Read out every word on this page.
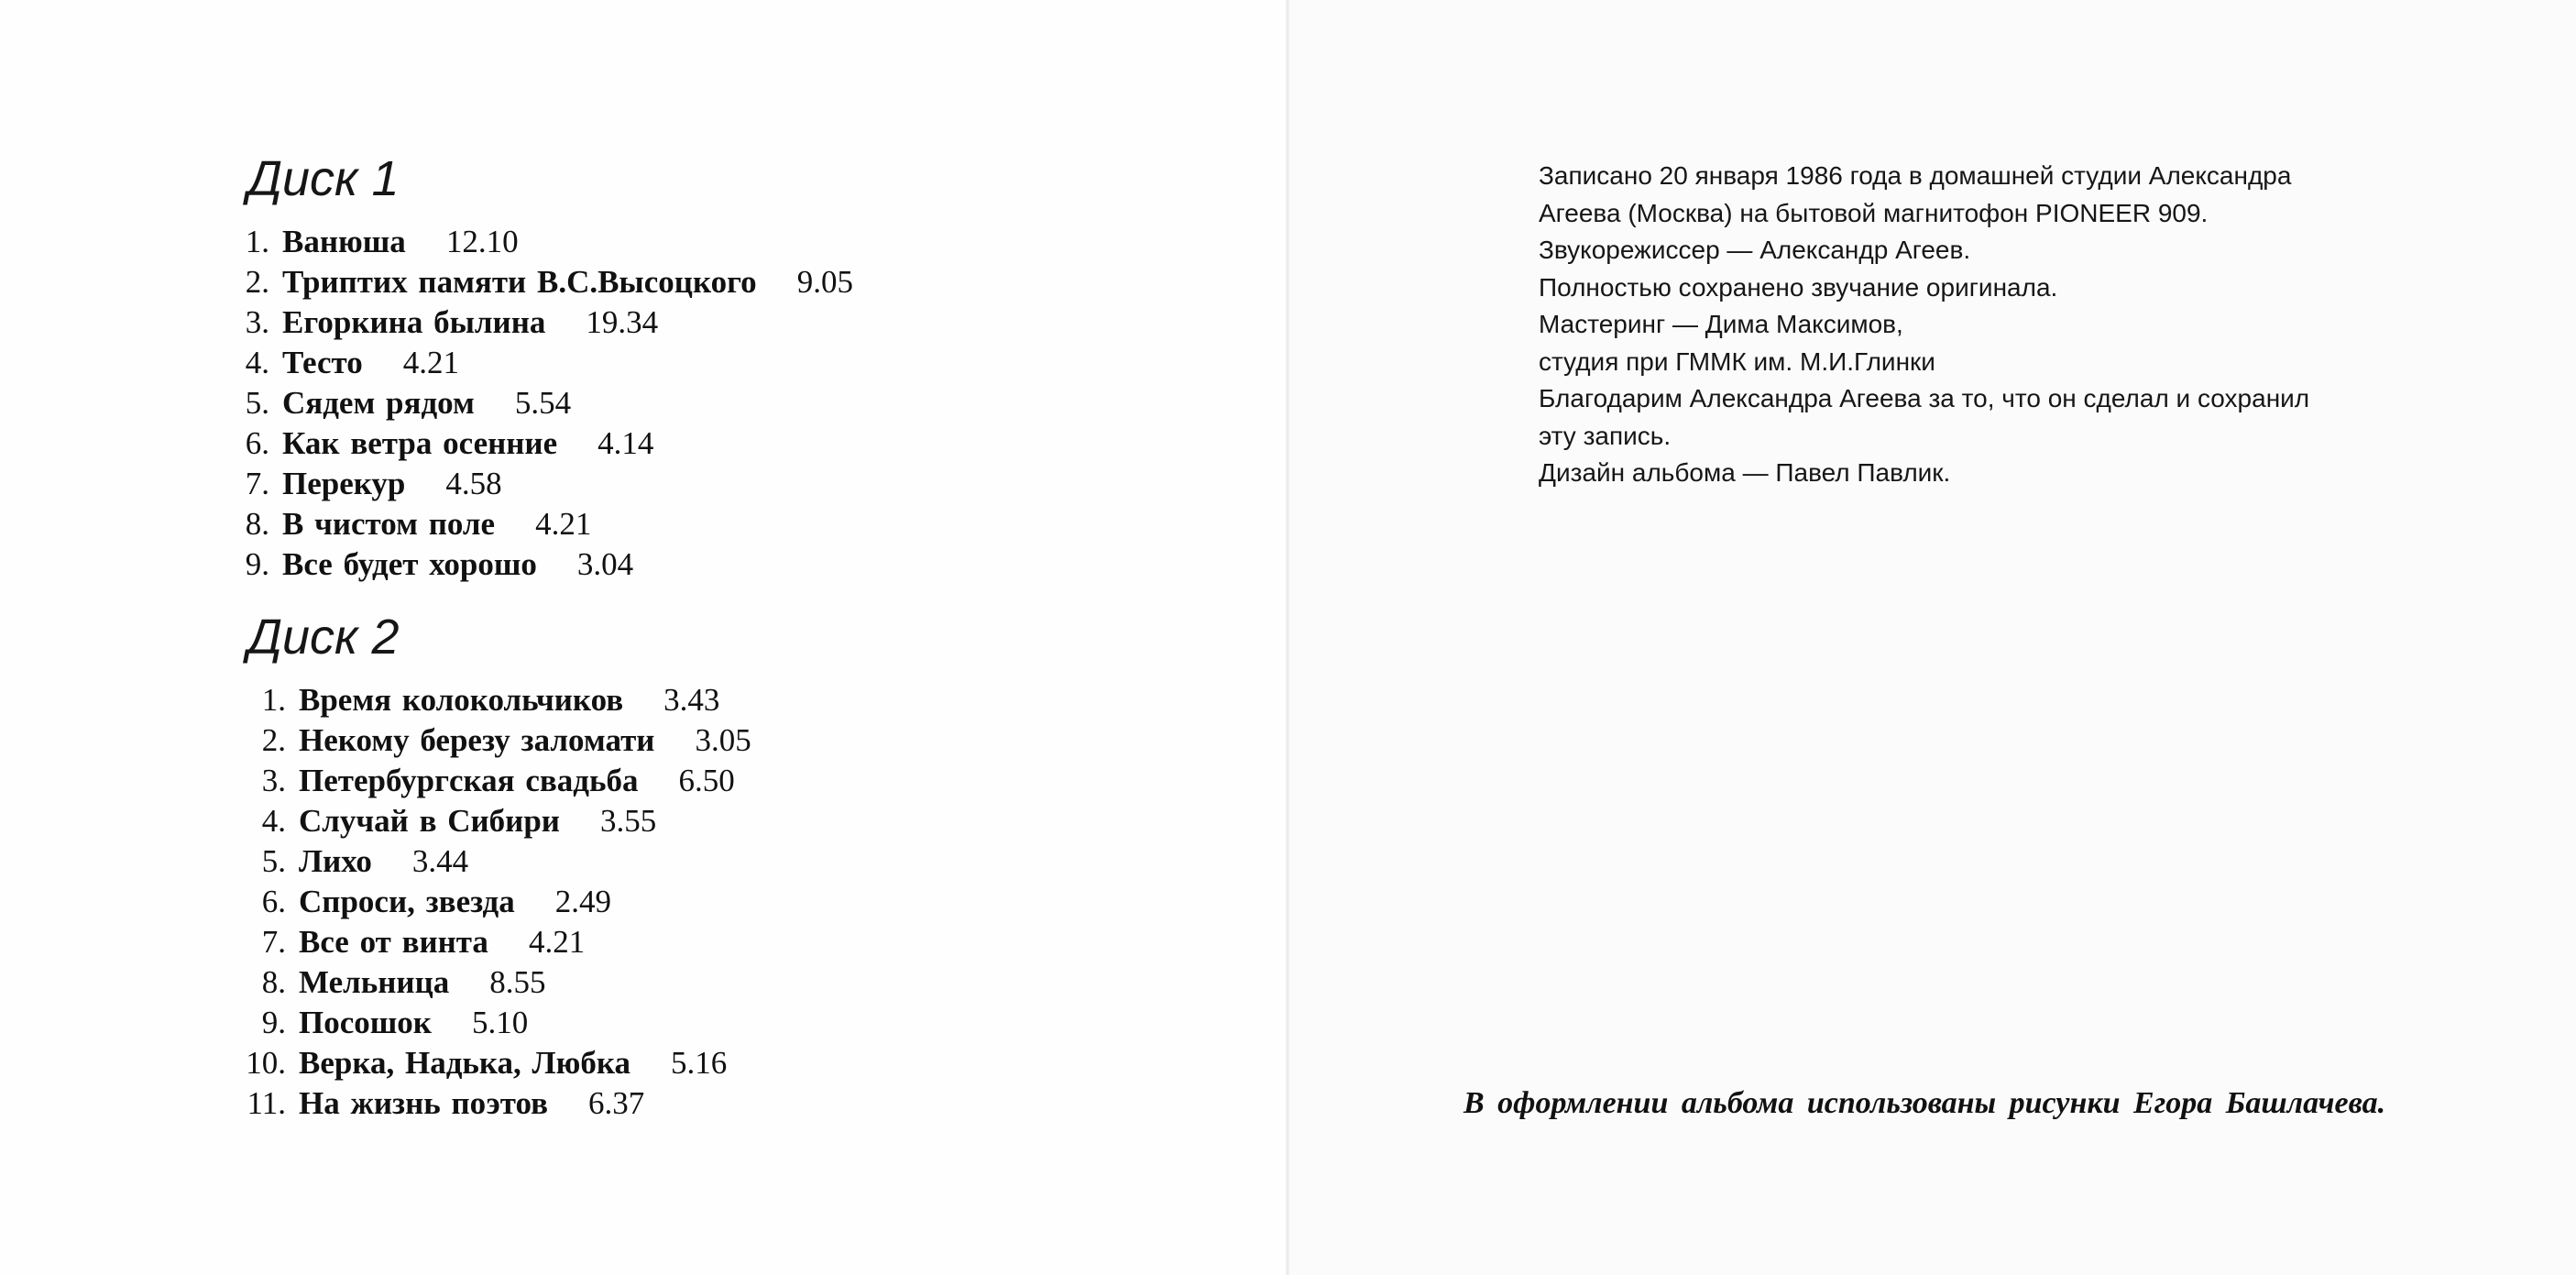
Диск 1
1. Ванюша 12.10
2. Триптих памяти В.С.Высоцкого 9.05
3. Егоркина былина 19.34
4. Тесто 4.21
5. Сядем рядом 5.54
6. Как ветра осенние 4.14
7. Перекур 4.58
8. В чистом поле 4.21
9. Все будет хорошо 3.04
Диск 2
1. Время колокольчиков 3.43
2. Некому березу заломати 3.05
3. Петербургская свадьба 6.50
4. Случай в Сибири 3.55
5. Лихо 3.44
6. Спроси, звезда 2.49
7. Все от винта 4.21
8. Мельница 8.55
9. Посошок 5.10
10. Верка, Надька, Любка 5.16
11. На жизнь поэтов 6.37
Записано 20 января 1986 года в домашней студии Александра
Агеева (Москва) на бытовой магнитофон PIONEER 909.
Звукорежиссер — Александр Агеев.
Полностью сохранено звучание оригинала.
Мастеринг — Дима Максимов,
студия при ГММК им. М.И.Глинки
Благодарим Александра Агеева за то, что он сделал и сохранил
эту запись.
Дизайн альбома — Павел Павлик.
В оформлении альбома использованы рисунки Егора Башлачева.
